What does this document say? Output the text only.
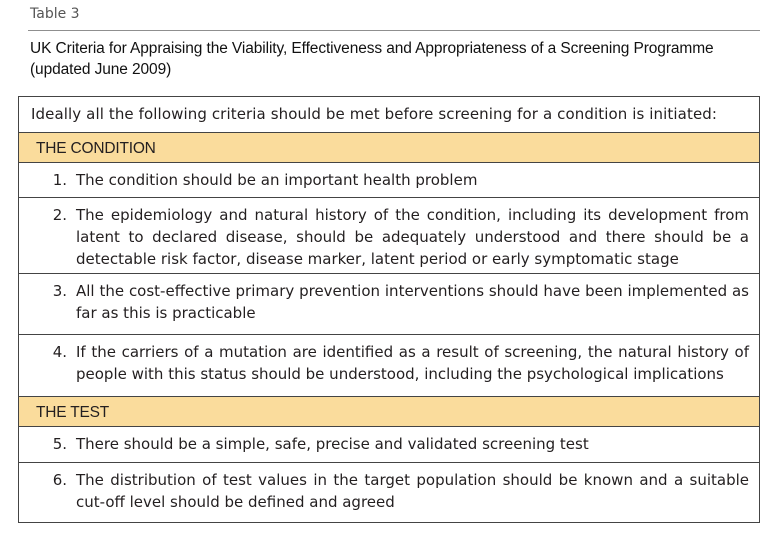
Table 3
UK Criteria for Appraising the Viability, Effectiveness and Appropriateness of a Screening Programme (updated June 2009)
Ideally all the following criteria should be met before screening for a condition is initiated:
THE CONDITION
1. The condition should be an important health problem
2. The epidemiology and natural history of the condition, including its development from latent to declared disease, should be adequately understood and there should be a detectable risk factor, disease marker, latent period or early symptomatic stage
3. All the cost-effective primary prevention interventions should have been implemented as far as this is practicable
4. If the carriers of a mutation are identified as a result of screening, the natural history of people with this status should be understood, including the psychological implications
THE TEST
5. There should be a simple, safe, precise and validated screening test
6. The distribution of test values in the target population should be known and a suitable cut-off level should be defined and agreed
